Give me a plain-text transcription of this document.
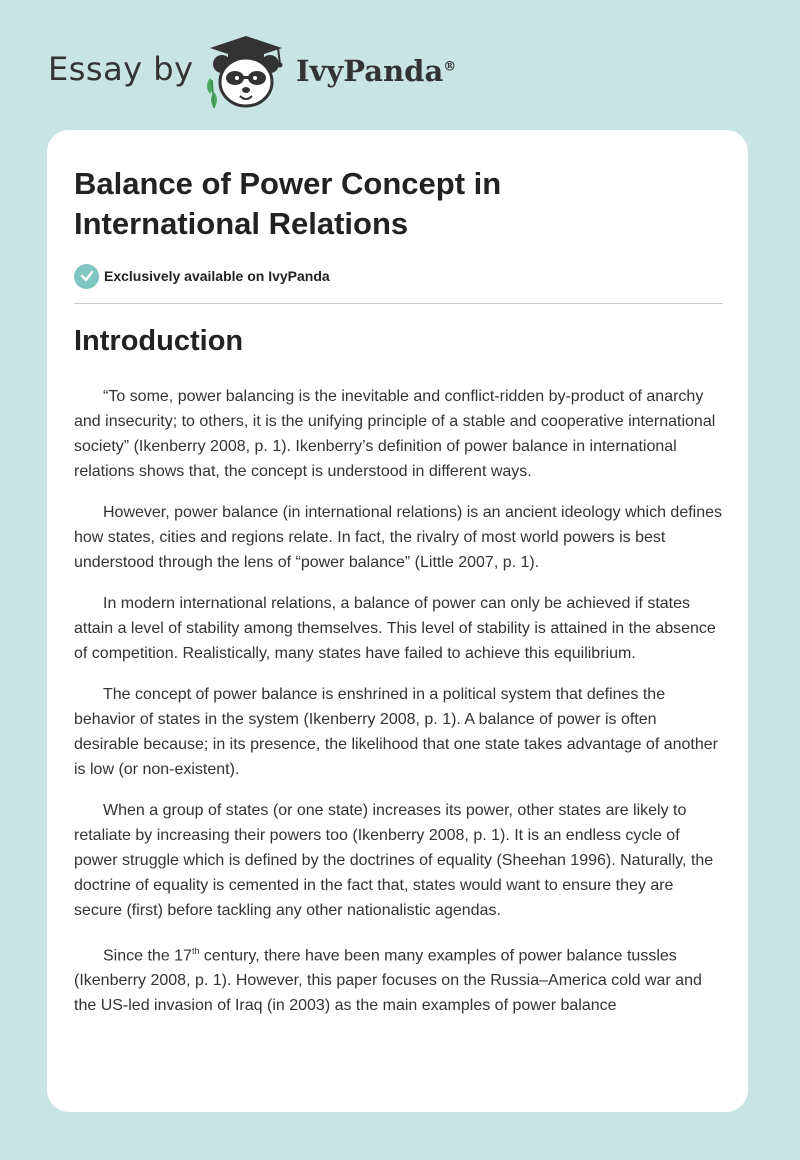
Essay by	IvyPanda®
Balance of Power Concept in International Relations
Exclusively available on IvyPanda
Introduction

“To some, power balancing is the inevitable and conflict-ridden by-product of anarchy and insecurity; to others, it is the unifying principle of a stable and cooperative international society” (Ikenberry 2008, p. 1). Ikenberry’s definition of power balance in international relations shows that, the concept is understood in different ways.

However, power balance (in international relations) is an ancient ideology which defines how states, cities and regions relate. In fact, the rivalry of most world powers is best understood through the lens of “power balance” (Little 2007, p. 1).

In modern international relations, a balance of power can only be achieved if states attain a level of stability among themselves. This level of stability is attained in the absence of competition. Realistically, many states have failed to achieve this equilibrium.

The concept of power balance is enshrined in a political system that defines the behavior of states in the system (Ikenberry 2008, p. 1). A balance of power is often desirable because; in its presence, the likelihood that one state takes advantage of another is low (or non-existent).

When a group of states (or one state) increases its power, other states are likely to retaliate by increasing their powers too (Ikenberry 2008, p. 1). It is an endless cycle of power struggle which is defined by the doctrines of equality (Sheehan 1996). Naturally, the doctrine of equality is cemented in the fact that, states would want to ensure they are secure (first) before tackling any other nationalistic agendas.

Since the 17th century, there have been many examples of power balance tussles (Ikenberry 2008, p. 1). However, this paper focuses on the Russia–America cold war and the US-led invasion of Iraq (in 2003) as the main examples of power balance
